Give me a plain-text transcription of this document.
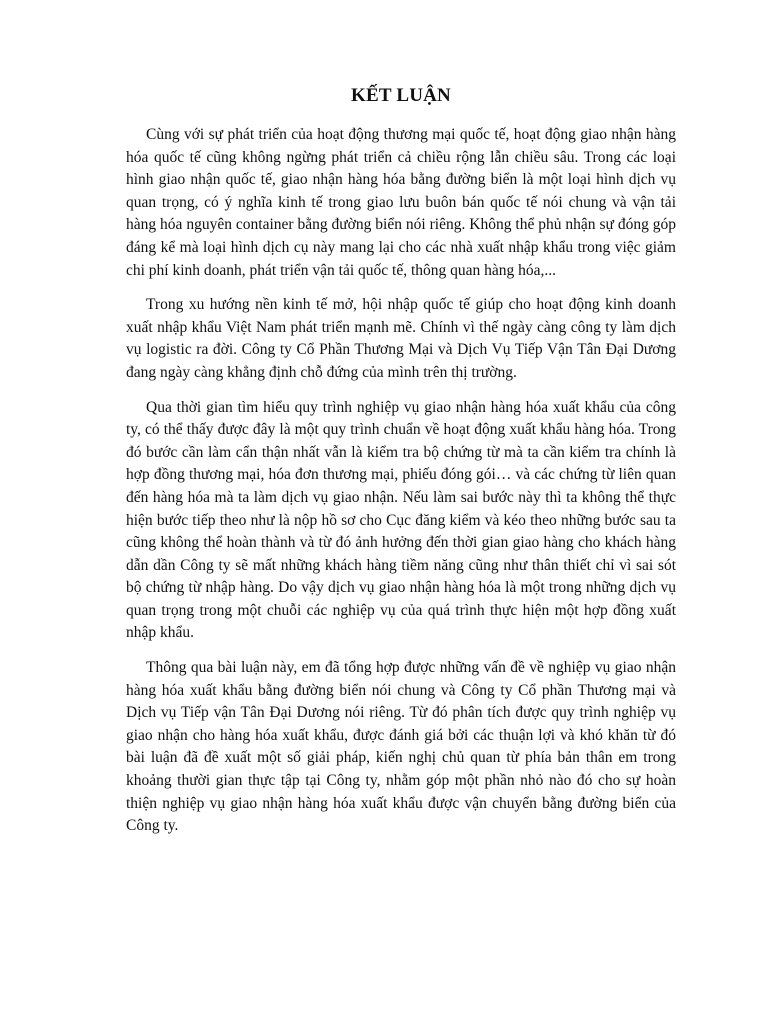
KẾT LUẬN

Cùng với sự phát triển của hoạt động thương mại quốc tế, hoạt động giao nhận hàng hóa quốc tế cũng không ngừng phát triển cả chiều rộng lẫn chiều sâu. Trong các loại hình giao nhận quốc tế, giao nhận hàng hóa bằng đường biển là một loại hình dịch vụ quan trọng, có ý nghĩa kinh tế trong giao lưu buôn bán quốc tế nói chung và vận tải hàng hóa nguyên container bằng đường biển nói riêng. Không thể phủ nhận sự đóng góp đáng kể mà loại hình dịch cụ này mang lại cho các nhà xuất nhập khẩu trong việc giảm chi phí kinh doanh, phát triển vận tải quốc tế, thông quan hàng hóa,...

Trong xu hướng nền kinh tế mở, hội nhập quốc tế giúp cho hoạt động kinh doanh xuất nhập khẩu Việt Nam phát triển mạnh mẽ. Chính vì thế ngày càng công ty làm dịch vụ logistic ra đời. Công ty Cổ Phần Thương Mại và Dịch Vụ Tiếp Vận Tân Đại Dương đang ngày càng khẳng định chỗ đứng của mình trên thị trường.

Qua thời gian tìm hiểu quy trình nghiệp vụ giao nhận hàng hóa xuất khẩu của công ty, có thể thấy được đây là một quy trình chuẩn về hoạt động xuất khẩu hàng hóa. Trong đó bước cần làm cẩn thận nhất vẫn là kiểm tra bộ chứng từ mà ta cần kiểm tra chính là hợp đồng thương mại, hóa đơn thương mại, phiếu đóng gói… và các chứng từ liên quan đến hàng hóa mà ta làm dịch vụ giao nhận. Nếu làm sai bước này thì ta không thể thực hiện bước tiếp theo như là nộp hồ sơ cho Cục đăng kiểm và kéo theo những bước sau ta cũng không thể hoàn thành và từ đó ảnh hưởng đến thời gian giao hàng cho khách hàng dẫn dần Công ty sẽ mất những khách hàng tiềm năng cũng như thân thiết chỉ vì sai sót bộ chứng từ nhập hàng. Do vậy dịch vụ giao nhận hàng hóa là một trong những dịch vụ quan trọng trong một chuỗi các nghiệp vụ của quá trình thực hiện một hợp đồng xuất nhập khẩu.

Thông qua bài luận này, em đã tổng hợp được những vấn đề về nghiệp vụ giao nhận hàng hóa xuất khẩu bằng đường biển nói chung và Công ty Cổ phần Thương mại và Dịch vụ Tiếp vận Tân Đại Dương nói riêng. Từ đó phân tích được quy trình nghiệp vụ giao nhận cho hàng hóa xuất khẩu, được đánh giá bởi các thuận lợi và khó khăn từ đó bài luận đã đề xuất một số giải pháp, kiến nghị chủ quan từ phía bản thân em trong khoảng thười gian thực tập tại Công ty, nhằm góp một phần nhỏ nào đó cho sự hoàn thiện nghiệp vụ giao nhận hàng hóa xuất khẩu được vận chuyển bằng đường biển của Công ty.
